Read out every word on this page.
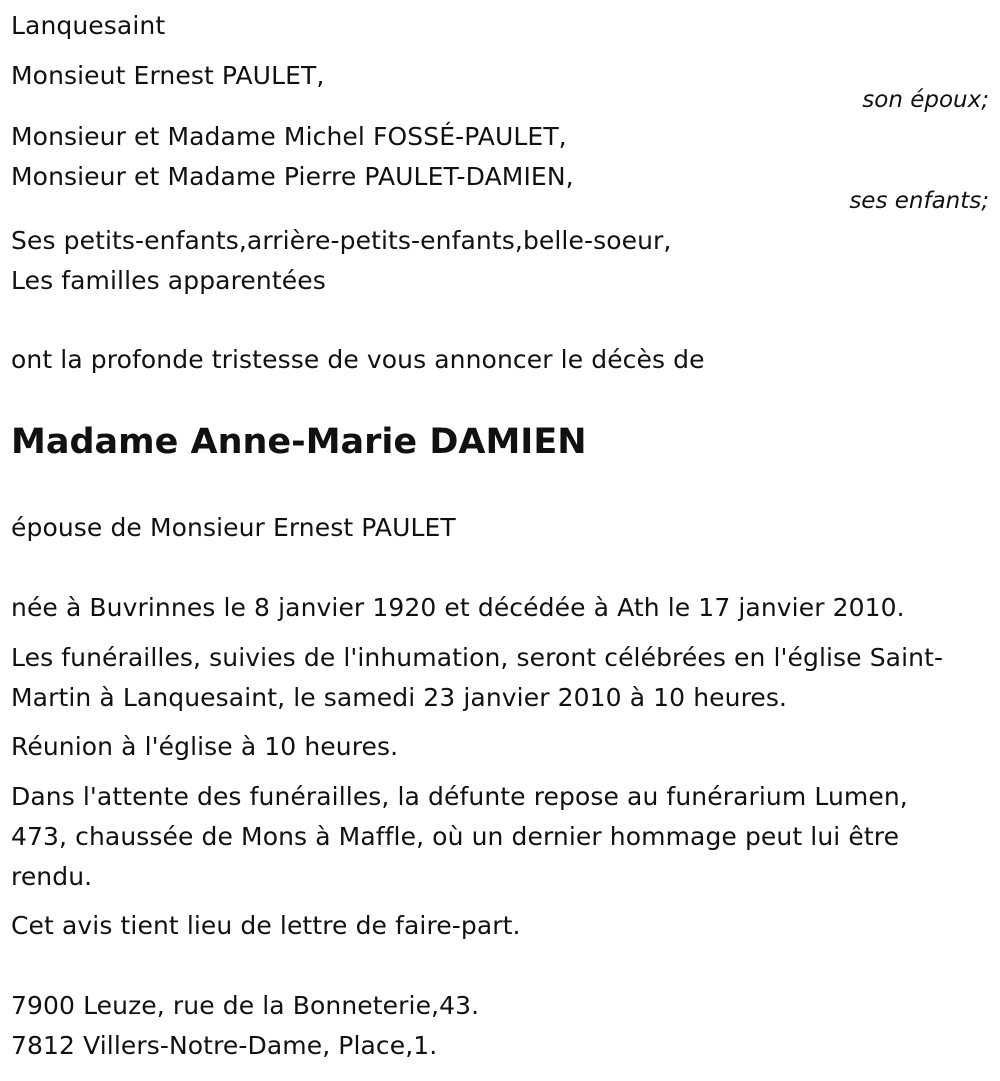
Lanquesaint
Monsieut Ernest PAULET,
son époux;
Monsieur et Madame Michel FOSSÉ-PAULET,
Monsieur et Madame Pierre PAULET-DAMIEN,
ses enfants;
Ses petits-enfants,arrière-petits-enfants,belle-soeur,
Les familles apparentées
ont la profonde tristesse de vous annoncer le décès de
Madame Anne-Marie DAMIEN
épouse de Monsieur Ernest PAULET
née à Buvrinnes le 8 janvier 1920 et décédée à Ath le 17 janvier 2010.
Les funérailles, suivies de l'inhumation, seront célébrées en l'église Saint-
Martin à Lanquesaint, le samedi 23 janvier 2010 à 10 heures.
Réunion à l'église à 10 heures.
Dans l'attente des funérailles, la défunte repose au funérarium Lumen,
473, chaussée de Mons à Maffle, où un dernier hommage peut lui être
rendu.
Cet avis tient lieu de lettre de faire-part.
7900 Leuze, rue de la Bonneterie,43.
7812 Villers-Notre-Dame, Place,1.
